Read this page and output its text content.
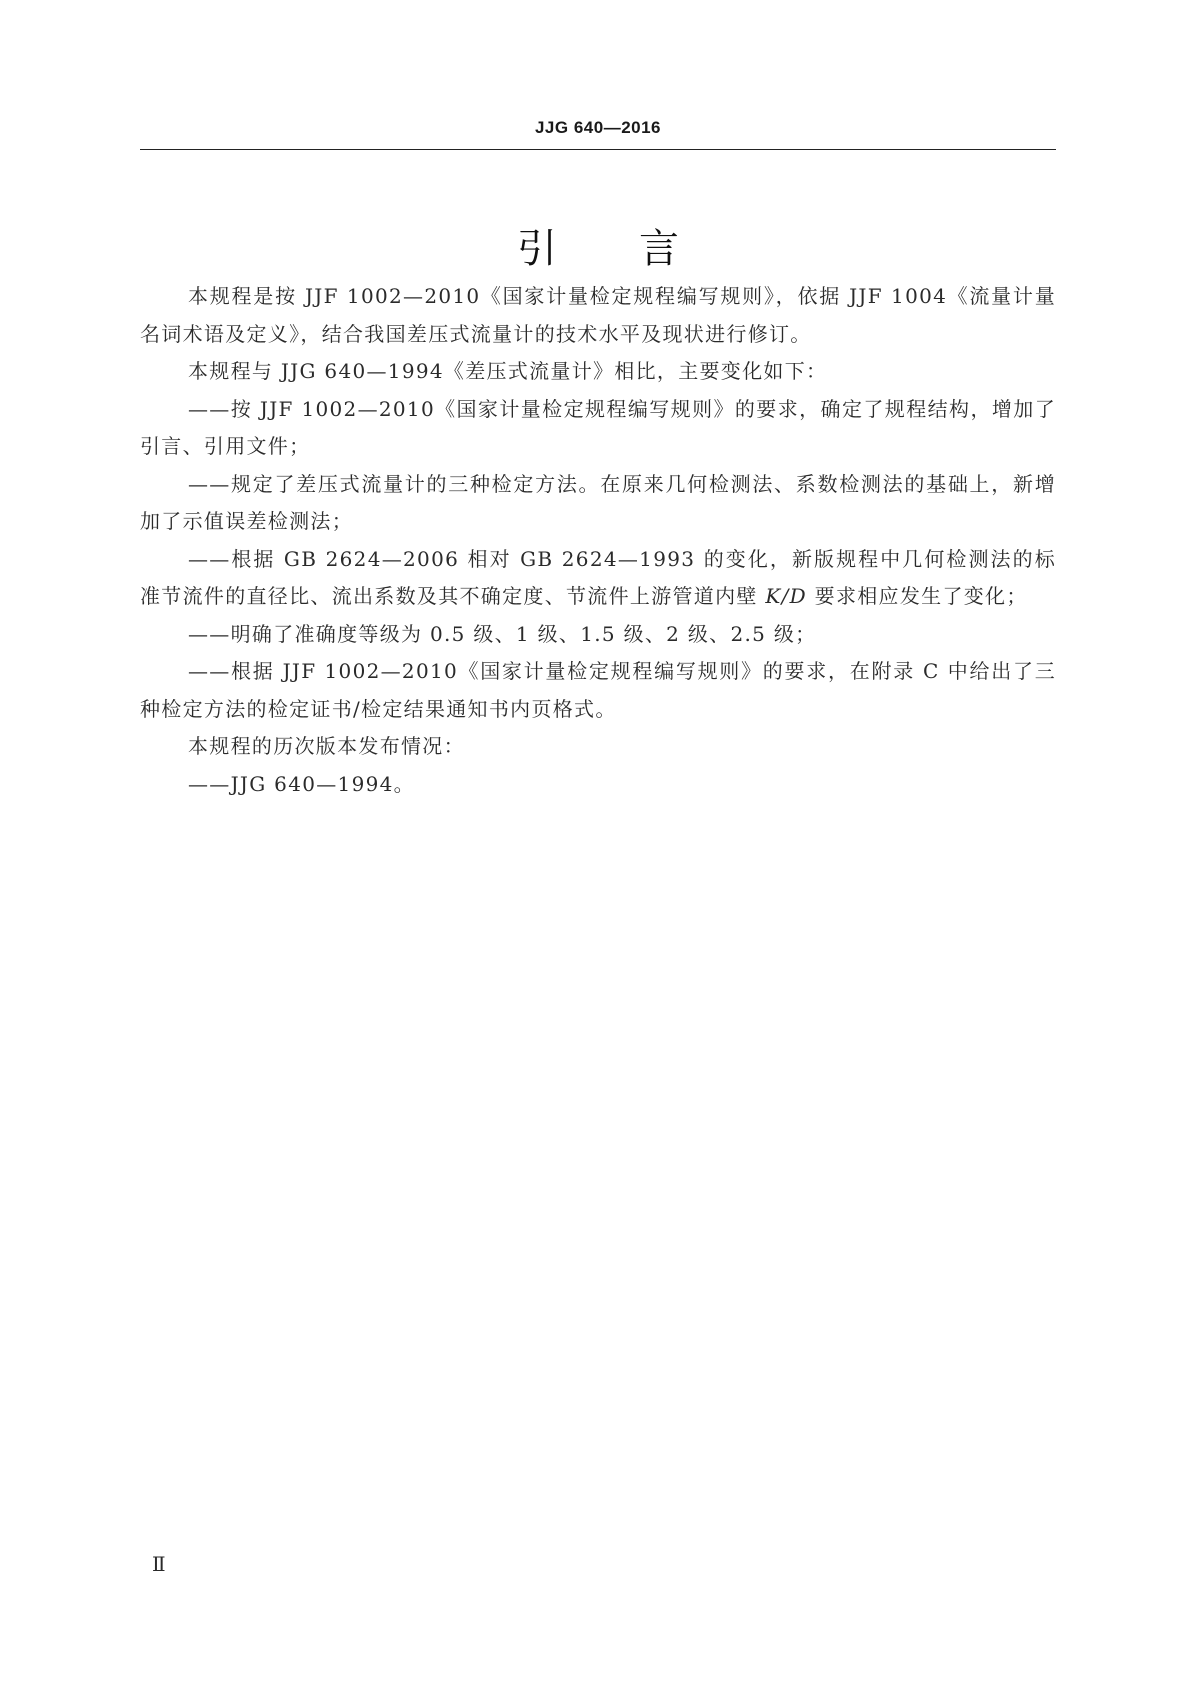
JJG 640—2016
引言

本规程是按 JJF 1002—2010《国家计量检定规程编写规则》，依据 JJF 1004《流量计量名词术语及定义》，结合我国差压式流量计的技术水平及现状进行修订。

本规程与 JJG 640—1994《差压式流量计》相比，主要变化如下：

——按 JJF 1002—2010《国家计量检定规程编写规则》的要求，确定了规程结构，增加了引言、引用文件；

——规定了差压式流量计的三种检定方法。在原来几何检测法、系数检测法的基础上，新增加了示值误差检测法；

——根据 GB 2624—2006 相对 GB 2624—1993 的变化，新版规程中几何检测法的标准节流件的直径比、流出系数及其不确定度、节流件上游管道内壁 K/D 要求相应发生了变化；

——明确了准确度等级为 0.5 级、1 级、1.5 级、2 级、2.5 级；

——根据 JJF 1002—2010《国家计量检定规程编写规则》的要求，在附录 C 中给出了三种检定方法的检定证书/检定结果通知书内页格式。

本规程的历次版本发布情况：

——JJG 640—1994。

Ⅱ
